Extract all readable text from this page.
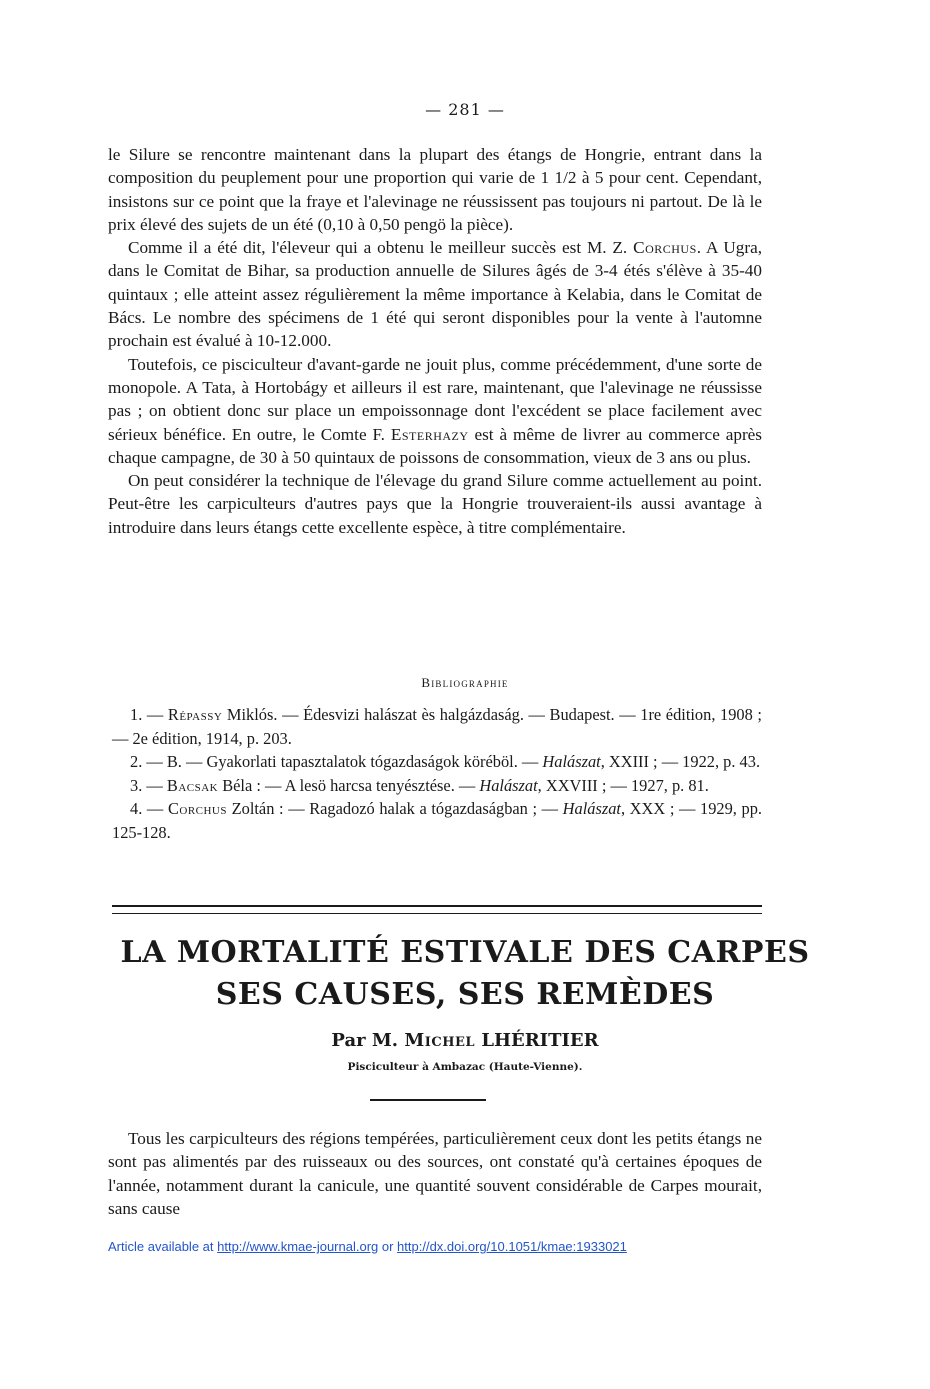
— 281 —

le Silure se rencontre maintenant dans la plupart des étangs de Hongrie, entrant dans la composition du peuplement pour une proportion qui varie de 1 1/2 à 5 pour cent. Cependant, insistons sur ce point que la fraye et l'alevinage ne réussissent pas toujours ni partout. De là le prix élevé des sujets de un été (0,10 à 0,50 pengö la pièce).

Comme il a été dit, l'éleveur qui a obtenu le meilleur succès est M. Z. Corchus. A Ugra, dans le Comitat de Bihar, sa production annuelle de Silures âgés de 3-4 étés s'élève à 35-40 quintaux ; elle atteint assez régulièrement la même importance à Kelabia, dans le Comitat de Bács. Le nombre des spécimens de 1 été qui seront disponibles pour la vente à l'automne prochain est évalué à 10-12.000.

Toutefois, ce pisciculteur d'avant-garde ne jouit plus, comme précédemment, d'une sorte de monopole. A Tata, à Hortobágy et ailleurs il est rare, maintenant, que l'alevinage ne réussisse pas ; on obtient donc sur place un empoissonnage dont l'excédent se place facilement avec sérieux bénéfice. En outre, le Comte F. Esterhazy est à même de livrer au commerce après chaque campagne, de 30 à 50 quintaux de poissons de consommation, vieux de 3 ans ou plus.

On peut considérer la technique de l'élevage du grand Silure comme actuellement au point. Peut-être les carpiculteurs d'autres pays que la Hongrie trouveraient-ils aussi avantage à introduire dans leurs étangs cette excellente espèce, à titre complémentaire.

Bibliographie

1. — Répassy Miklós. — Édesvizi halászat ès halgázdaság. — Budapest. — 1re édition, 1908 ; — 2e édition, 1914, p. 203.

2. — B. — Gyakorlati tapasztalatok tógazdaságok köréböl. — Halászat, XXIII ; — 1922, p. 43.

3. — Bacsak Béla : — A lesö harcsa tenyésztése. — Halászat, XXVIII ; — 1927, p. 81.

4. — Corchus Zoltán : — Ragadozó halak a tógazdaságban ; — Halászat, XXX ; — 1929, pp. 125-128.

LA MORTALITÉ ESTIVALE DES CARPES
SES CAUSES, SES REMÈDES
Par M. Michel LHÉRITIER
Pisciculteur à Ambazac (Haute-Vienne).

Tous les carpiculteurs des régions tempérées, particulièrement ceux dont les petits étangs ne sont pas alimentés par des ruisseaux ou des sources, ont constaté qu'à certaines époques de l'année, notamment durant la canicule, une quantité souvent considérable de Carpes mourait, sans cause

Article available at http://www.kmae-journal.org or http://dx.doi.org/10.1051/kmae:1933021
